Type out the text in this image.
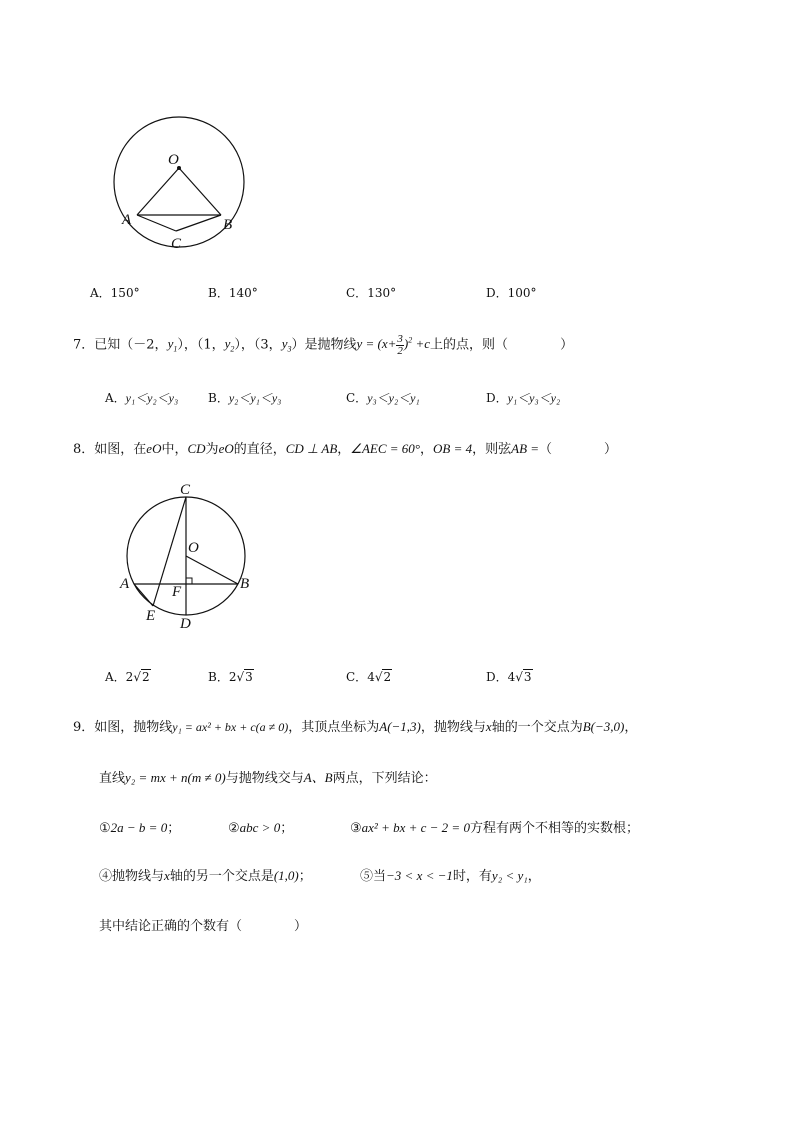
O
A	B
C
A．150°	B．140°	C．130°	D．100°
7．已知（－2，$y_1$），（1，$y_2$），（3，$y_3$）是抛物线$y = (x+ \frac{3}{2} )^2 +c$上的点，则（	）
A．y₁＜y₂＜y₃ B．y₂＜y₁＜y₃	C．y₃＜y₂＜y₁	D．y₁＜y₃＜y₂
8．如图，在eO中，CD为eO的直径，CD ⊥ AB，∠AEC = 60°，OB = 4，则弦AB =（	）
C
O
A	B
F
E D
A．2√2	B．2√3	C．4√2	D．4√3
9．如图，抛物线y₁ = ax² + bx + c(a ≠ 0)，其顶点坐标为A(−1,3)，抛物线与x轴的一个交点为B(−3,0)，
直线y₂ = mx + n(m ≠ 0)与抛物线交与A、B两点，下列结论：
①2a − b = 0；	②abc > 0；	③ax² + bx + c − 2 = 0方程有两个不相等的实数根；
④抛物线与x轴的另一个交点是(1,0)；	⑤当−3 < x < −1时，有y₂ < y₁，
其中结论正确的个数有（	）
